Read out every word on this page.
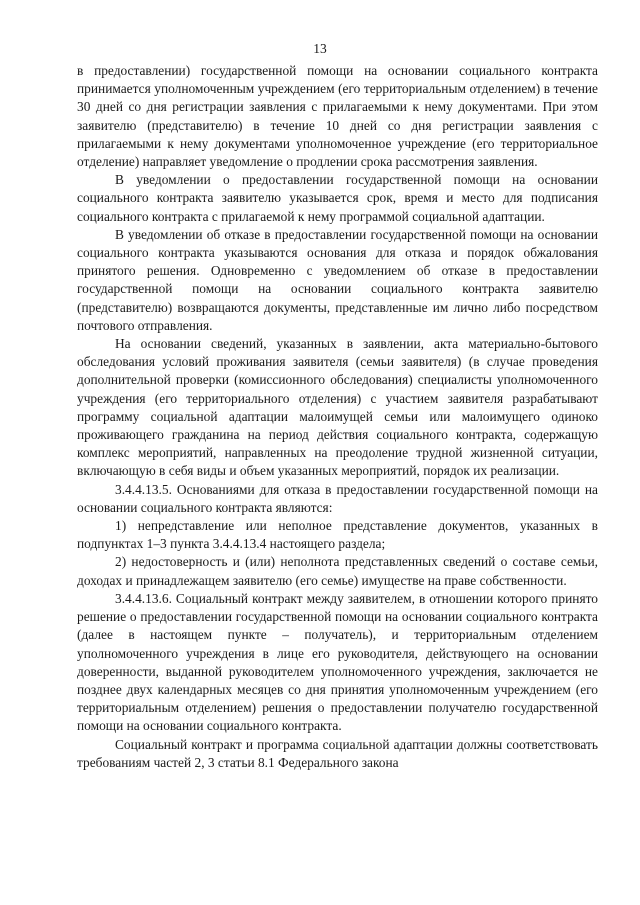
13

в предоставлении) государственной помощи на основании социального контракта принимается уполномоченным учреждением (его территориальным отделением) в течение 30 дней со дня регистрации заявления с прилагаемыми к нему документами. При этом заявителю (представителю) в течение 10 дней со дня регистрации заявления с прилагаемыми к нему документами уполномоченное учреждение (его территориальное отделение) направляет уведомление о продлении срока рассмотрения заявления.

В уведомлении о предоставлении государственной помощи на основании социального контракта заявителю указывается срок, время и место для подписания социального контракта с прилагаемой к нему программой социальной адаптации.

В уведомлении об отказе в предоставлении государственной помощи на основании социального контракта указываются основания для отказа и порядок обжалования принятого решения. Одновременно с уведомлением об отказе в предоставлении государственной помощи на основании социального контракта заявителю (представителю) возвращаются документы, представленные им лично либо посредством почтового отправления.

На основании сведений, указанных в заявлении, акта материально-бытового обследования условий проживания заявителя (семьи заявителя) (в случае проведения дополнительной проверки (комиссионного обследования) специалисты уполномоченного учреждения (его территориального отделения) с участием заявителя разрабатывают программу социальной адаптации малоимущей семьи или малоимущего одиноко проживающего гражданина на период действия социального контракта, содержащую комплекс мероприятий, направленных на преодоление трудной жизненной ситуации, включающую в себя виды и объем указанных мероприятий, порядок их реализации.

3.4.4.13.5. Основаниями для отказа в предоставлении государственной помощи на основании социального контракта являются:

1) непредставление или неполное представление документов, указанных в подпунктах 1–3 пункта 3.4.4.13.4 настоящего раздела;

2) недостоверность и (или) неполнота представленных сведений о составе семьи, доходах и принадлежащем заявителю (его семье) имуществе на праве собственности.

3.4.4.13.6. Социальный контракт между заявителем, в отношении которого принято решение о предоставлении государственной помощи на основании социального контракта (далее в настоящем пункте – получатель), и территориальным отделением уполномоченного учреждения в лице его руководителя, действующего на основании доверенности, выданной руководителем уполномоченного учреждения, заключается не позднее двух календарных месяцев со дня принятия уполномоченным учреждением (его территориальным отделением) решения о предоставлении получателю государственной помощи на основании социального контракта.

Социальный контракт и программа социальной адаптации должны соответствовать требованиям частей 2, 3 статьи 8.1 Федерального закона
